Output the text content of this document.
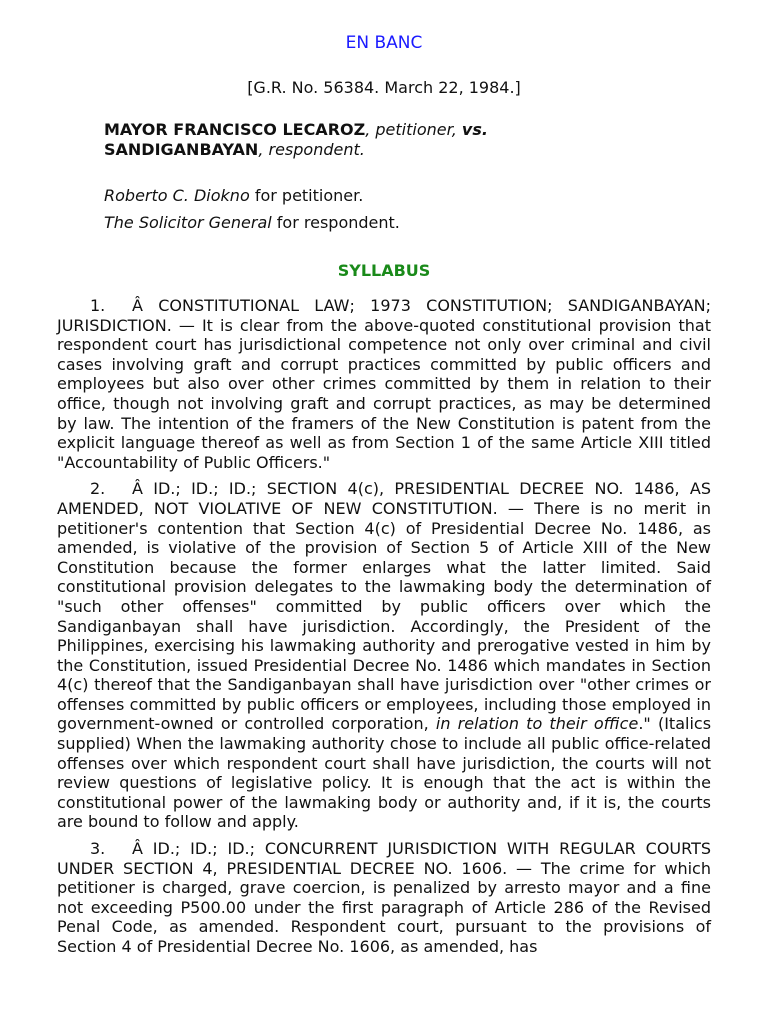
EN BANC
[G.R. No. 56384. March 22, 1984.]
MAYOR FRANCISCO LECAROZ, petitioner, vs.
SANDIGANBAYAN, respondent.
Roberto C. Diokno for petitioner.
The Solicitor General for respondent.
SYLLABUS

1. Â CONSTITUTIONAL LAW; 1973 CONSTITUTION; SANDIGANBAYAN; JURISDICTION. — It is clear from the above-quoted constitutional provision that respondent court has jurisdictional competence not only over criminal and civil cases involving graft and corrupt practices committed by public officers and employees but also over other crimes committed by them in relation to their office, though not involving graft and corrupt practices, as may be determined by law. The intention of the framers of the New Constitution is patent from the explicit language thereof as well as from Section 1 of the same Article XIII titled "Accountability of Public Officers."

2. Â ID.; ID.; ID.; SECTION 4(c), PRESIDENTIAL DECREE NO. 1486, AS AMENDED, NOT VIOLATIVE OF NEW CONSTITUTION. — There is no merit in petitioner's contention that Section 4(c) of Presidential Decree No. 1486, as amended, is violative of the provision of Section 5 of Article XIII of the New Constitution because the former enlarges what the latter limited. Said constitutional provision delegates to the lawmaking body the determination of "such other offenses" committed by public officers over which the Sandiganbayan shall have jurisdiction. Accordingly, the President of the Philippines, exercising his lawmaking authority and prerogative vested in him by the Constitution, issued Presidential Decree No. 1486 which mandates in Section 4(c) thereof that the Sandiganbayan shall have jurisdiction over "other crimes or offenses committed by public officers or employees, including those employed in government-owned or controlled corporation, in relation to their office." (Italics supplied) When the lawmaking authority chose to include all public office-related offenses over which respondent court shall have jurisdiction, the courts will not review questions of legislative policy. It is enough that the act is within the constitutional power of the lawmaking body or authority and, if it is, the courts are bound to follow and apply.

3. Â ID.; ID.; ID.; CONCURRENT JURISDICTION WITH REGULAR COURTS UNDER SECTION 4, PRESIDENTIAL DECREE NO. 1606. — The crime for which petitioner is charged, grave coercion, is penalized by arresto mayor and a fine not exceeding P500.00 under the first paragraph of Article 286 of the Revised Penal Code, as amended. Respondent court, pursuant to the provisions of Section 4 of Presidential Decree No. 1606, as amended, has
